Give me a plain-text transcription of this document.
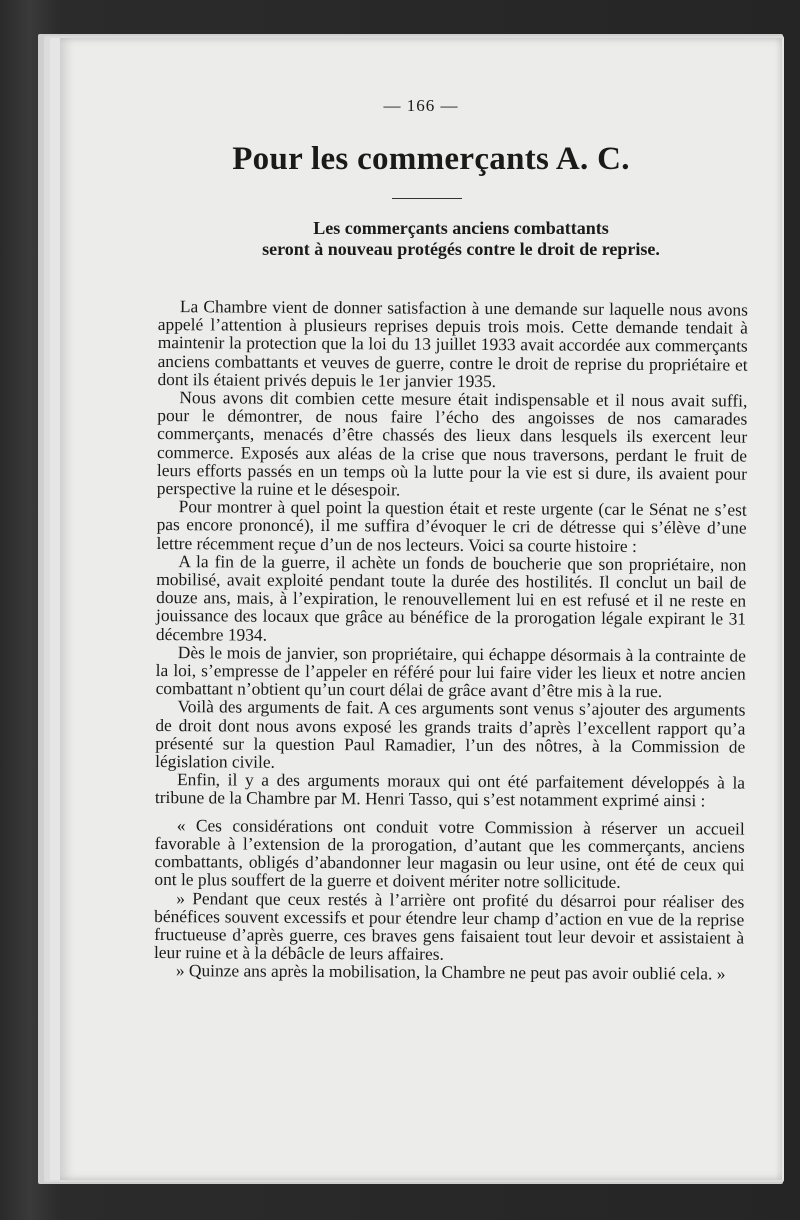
— 166 —
Pour les commerçants A. C.
Les commerçants anciens combattants
seront à nouveau protégés contre le droit de reprise.

La Chambre vient de donner satisfaction à une demande sur laquelle nous avons appelé l’attention à plusieurs reprises depuis trois mois. Cette demande tendait à maintenir la protection que la loi du 13 juillet 1933 avait accordée aux commerçants anciens combattants et veuves de guerre, contre le droit de reprise du propriétaire et dont ils étaient privés depuis le 1er janvier 1935.

Nous avons dit combien cette mesure était indispensable et il nous avait suffi, pour le démontrer, de nous faire l’écho des angoisses de nos camarades commerçants, menacés d’être chassés des lieux dans lesquels ils exercent leur commerce. Exposés aux aléas de la crise que nous traversons, perdant le fruit de leurs efforts passés en un temps où la lutte pour la vie est si dure, ils avaient pour perspective la ruine et le désespoir.

Pour montrer à quel point la question était et reste urgente (car le Sénat ne s’est pas encore prononcé), il me suffira d’évoquer le cri de détresse qui s’élève d’une lettre récemment reçue d’un de nos lecteurs. Voici sa courte histoire :

A la fin de la guerre, il achète un fonds de boucherie que son propriétaire, non mobilisé, avait exploité pendant toute la durée des hostilités. Il conclut un bail de douze ans, mais, à l’expiration, le renouvellement lui en est refusé et il ne reste en jouissance des locaux que grâce au bénéfice de la prorogation légale expirant le 31 décembre 1934.

Dès le mois de janvier, son propriétaire, qui échappe désormais à la contrainte de la loi, s’empresse de l’appeler en référé pour lui faire vider les lieux et notre ancien combattant n’obtient qu’un court délai de grâce avant d’être mis à la rue.

Voilà des arguments de fait. A ces arguments sont venus s’ajouter des arguments de droit dont nous avons exposé les grands traits d’après l’excellent rapport qu’a présenté sur la question Paul Ramadier, l’un des nôtres, à la Commission de législation civile.

Enfin, il y a des arguments moraux qui ont été parfaitement développés à la tribune de la Chambre par M. Henri Tasso, qui s’est notamment exprimé ainsi :

« Ces considérations ont conduit votre Commission à réserver un accueil favorable à l’extension de la prorogation, d’autant que les commerçants, anciens combattants, obligés d’abandonner leur magasin ou leur usine, ont été de ceux qui ont le plus souffert de la guerre et doivent mériter notre sollicitude.

» Pendant que ceux restés à l’arrière ont profité du désarroi pour réaliser des bénéfices souvent excessifs et pour étendre leur champ d’action en vue de la reprise fructueuse d’après guerre, ces braves gens faisaient tout leur devoir et assistaient à leur ruine et à la débâcle de leurs affaires.

» Quinze ans après la mobilisation, la Chambre ne peut pas avoir oublié cela. »
